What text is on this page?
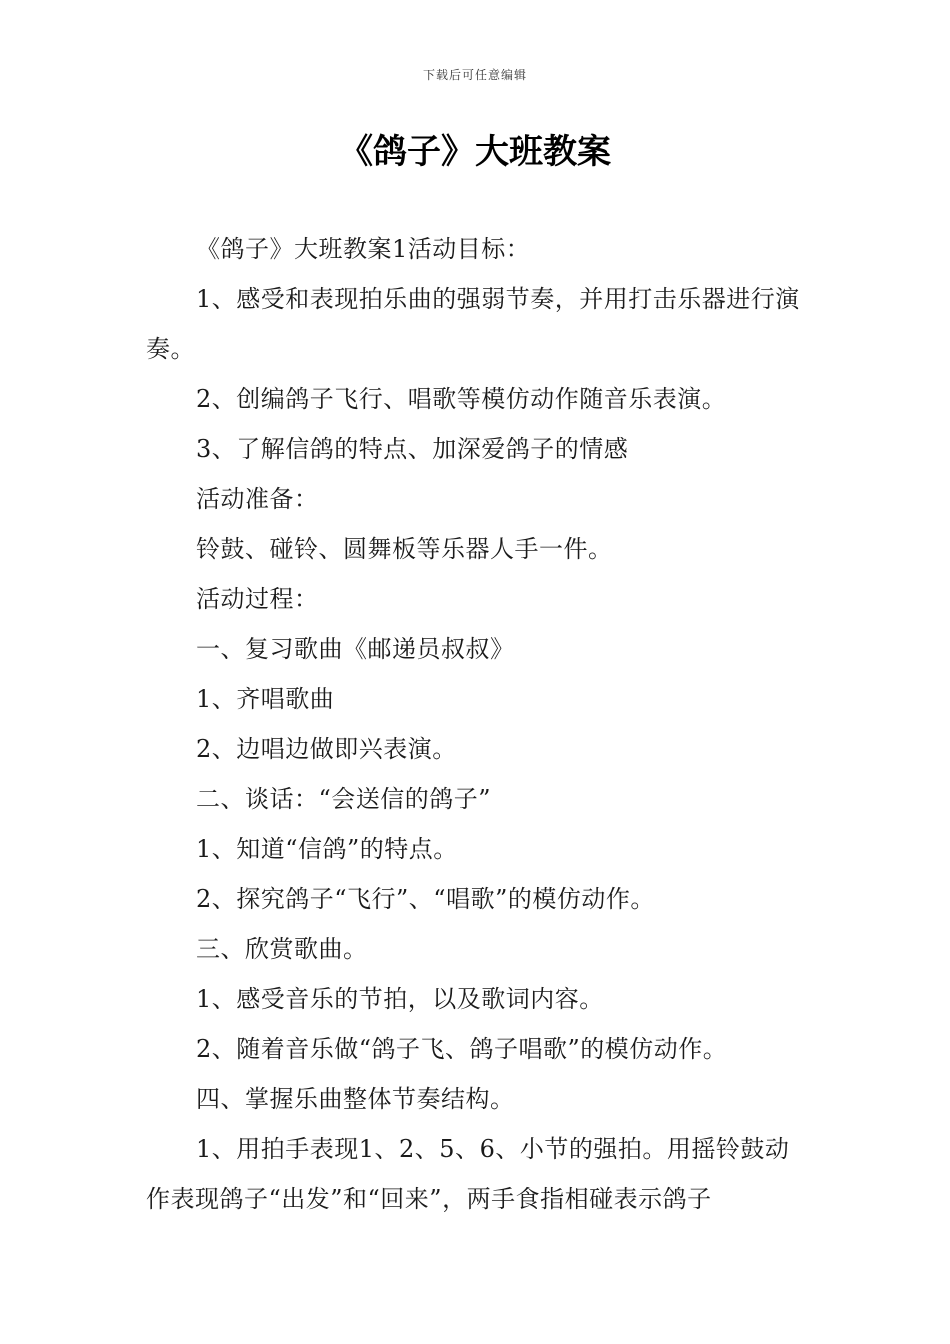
下载后可任意编辑
《鸽子》大班教案

《鸽子》大班教案1活动目标：

1、感受和表现拍乐曲的强弱节奏，并用打击乐器进行演奏。

2、创编鸽子飞行、唱歌等模仿动作随音乐表演。

3、了解信鸽的特点、加深爱鸽子的情感

活动准备：

铃鼓、碰铃、圆舞板等乐器人手一件。

活动过程：

一、复习歌曲《邮递员叔叔》

1、齐唱歌曲

2、边唱边做即兴表演。

二、谈话：“会送信的鸽子”

1、知道“信鸽”的特点。

2、探究鸽子“飞行”、“唱歌”的模仿动作。

三、欣赏歌曲。

1、感受音乐的节拍，以及歌词内容。

2、随着音乐做“鸽子飞、鸽子唱歌”的模仿动作。

四、掌握乐曲整体节奏结构。

1、用拍手表现1、2、5、6、小节的强拍。用摇铃鼓动作表现鸽子“出发”和“回来”，两手食指相碰表示鸽子
